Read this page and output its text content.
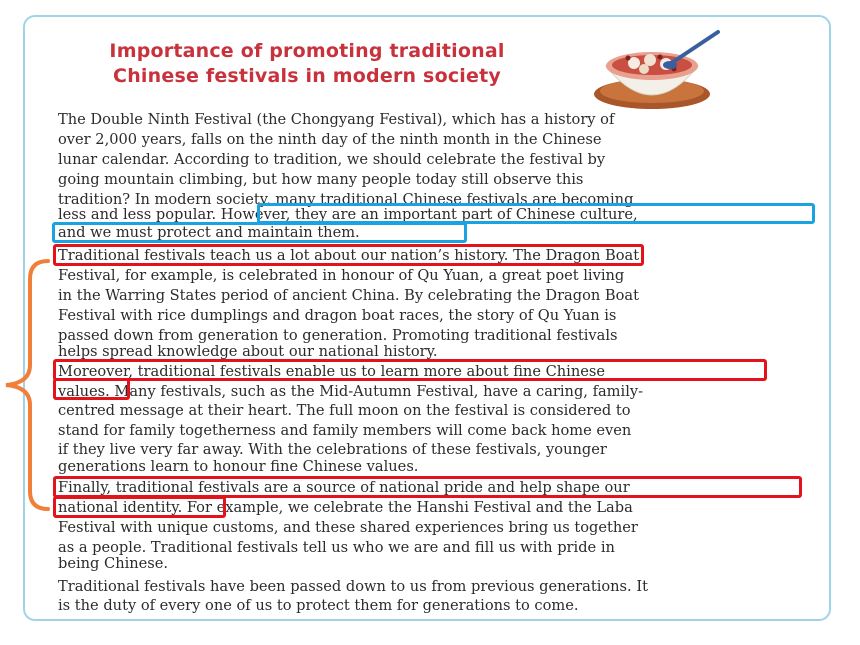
Importance of promoting traditional
Chinese festivals in modern society
The Double Ninth Festival (the Chongyang Festival), which has a history of
over 2,000 years, falls on the ninth day of the ninth month in the Chinese
lunar calendar. According to tradition, we should celebrate the festival by
going mountain climbing, but how many people today still observe this
tradition? In modern society, many traditional Chinese festivals are becoming
less and less popular. However, they are an important part of Chinese culture,
and we must protect and maintain them.
Traditional festivals teach us a lot about our nation’s history. The Dragon Boat
Festival, for example, is celebrated in honour of Qu Yuan, a great poet living
in the Warring States period of ancient China. By celebrating the Dragon Boat
Festival with rice dumplings and dragon boat races, the story of Qu Yuan is
passed down from generation to generation. Promoting traditional festivals
helps spread knowledge about our national history.
Moreover, traditional festivals enable us to learn more about fine Chinese
values. Many festivals, such as the Mid-Autumn Festival, have a caring, family-
centred message at their heart. The full moon on the festival is considered to
stand for family togetherness and family members will come back home even
if they live very far away. With the celebrations of these festivals, younger
generations learn to honour fine Chinese values.
Finally, traditional festivals are a source of national pride and help shape our
national identity. For example, we celebrate the Hanshi Festival and the Laba
Festival with unique customs, and these shared experiences bring us together
as a people. Traditional festivals tell us who we are and fill us with pride in
being Chinese.
Traditional festivals have been passed down to us from previous generations. It
is the duty of every one of us to protect them for generations to come.
